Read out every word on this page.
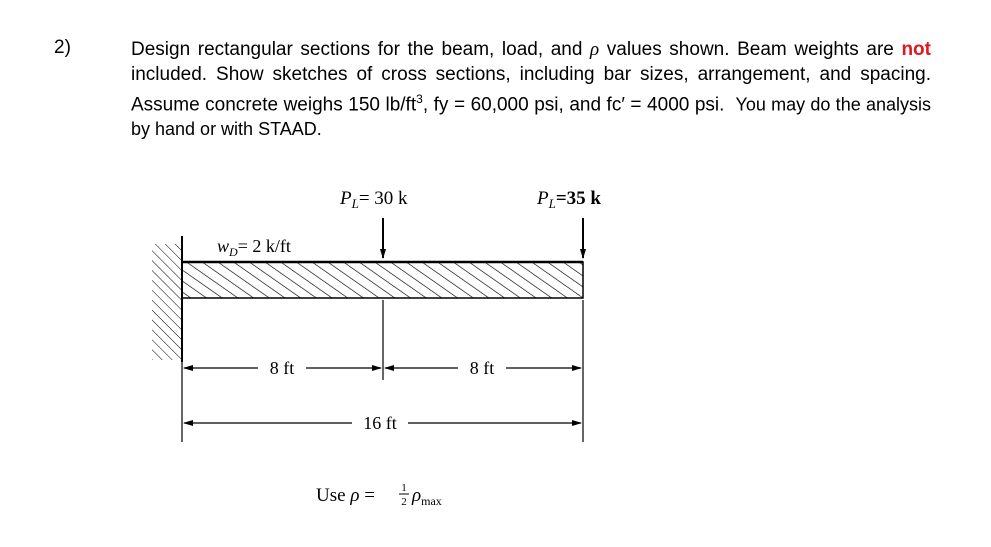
2)	Design rectangular sections for the beam, load, and ρ values shown. Beam weights are not included. Show sketches of cross sections, including bar sizes, arrangement, and spacing. Assume concrete weighs 150 $lb/ft^3$, fy = 60,000 psi, and fc′ = 4000 psi. You may do the analysis by hand or with STAAD.
$P_L= 30$ k	$P_L=35$ k
$w_D= 2$ k/ft
8 ft	8 ft
16 ft
Use ρ = 1
2 $\rho_{max}$
